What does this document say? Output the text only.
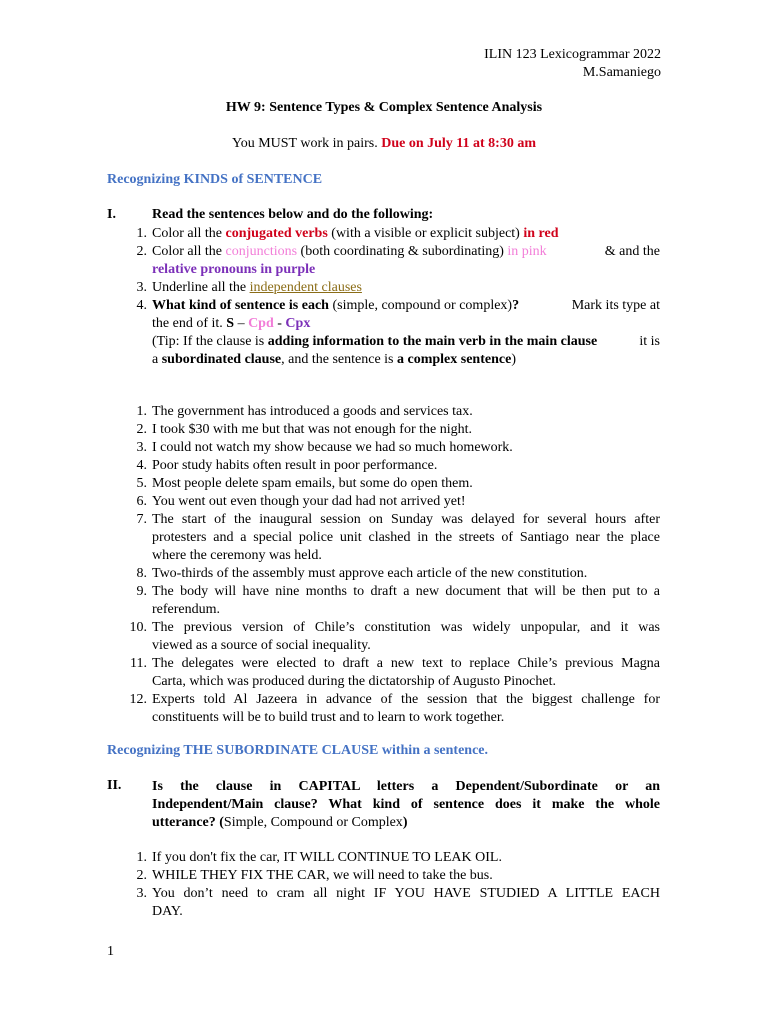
ILIN 123 Lexicogrammar 2022
M.Samaniego
HW 9: Sentence Types & Complex Sentence Analysis
You MUST work in pairs. Due on July 11 at 8:30 am
Recognizing KINDS of SENTENCE
I.	Read the sentences below and do the following:
1. Color all the conjugated verbs (with a visible or explicit subject) in red
2. Color all the conjunctions (both coordinating & subordinating) in pink	& and the
relative pronouns in purple
3. Underline all the independent clauses
4. What kind of sentence is each (simple, compound or complex)?	Mark its type at
the end of it. S – Cpd - Cpx
(Tip: If the clause is adding information to the main verb in the main clause	it is
a subordinated clause, and the sentence is a complex sentence)
1. The government has introduced a goods and services tax.
2. I took $30 with me but that was not enough for the night.
3. I could not watch my show because we had so much homework.
4. Poor study habits often result in poor performance.
5. Most people delete spam emails, but some do open them.
6. You went out even though your dad had not arrived yet!
7. The start of the inaugural session on Sunday was delayed for several hours after
protesters and a special police unit clashed in the streets of Santiago near the place
where the ceremony was held.
8. Two-thirds of the assembly must approve each article of the new constitution.
9. The body will have nine months to draft a new document that will be then put to a
referendum.
10. The previous version of Chile’s constitution was widely unpopular, and it was
viewed as a source of social inequality.
11. The delegates were elected to draft a new text to replace Chile’s previous Magna
Carta, which was produced during the dictatorship of Augusto Pinochet.
12. Experts told Al Jazeera in advance of the session that the biggest challenge for
constituents will be to build trust and to learn to work together.
Recognizing THE SUBORDINATE CLAUSE within a sentence.
II. Is the clause in CAPITAL letters a Dependent/Subordinate or an
Independent/Main clause? What kind of sentence does it make the whole
utterance? (Simple, Compound or Complex)
1. If you don't fix the car, IT WILL CONTINUE TO LEAK OIL.
2. WHILE THEY FIX THE CAR, we will need to take the bus.
3. You don’t need to cram all night IF YOU HAVE STUDIED A LITTLE EACH
DAY.
1
